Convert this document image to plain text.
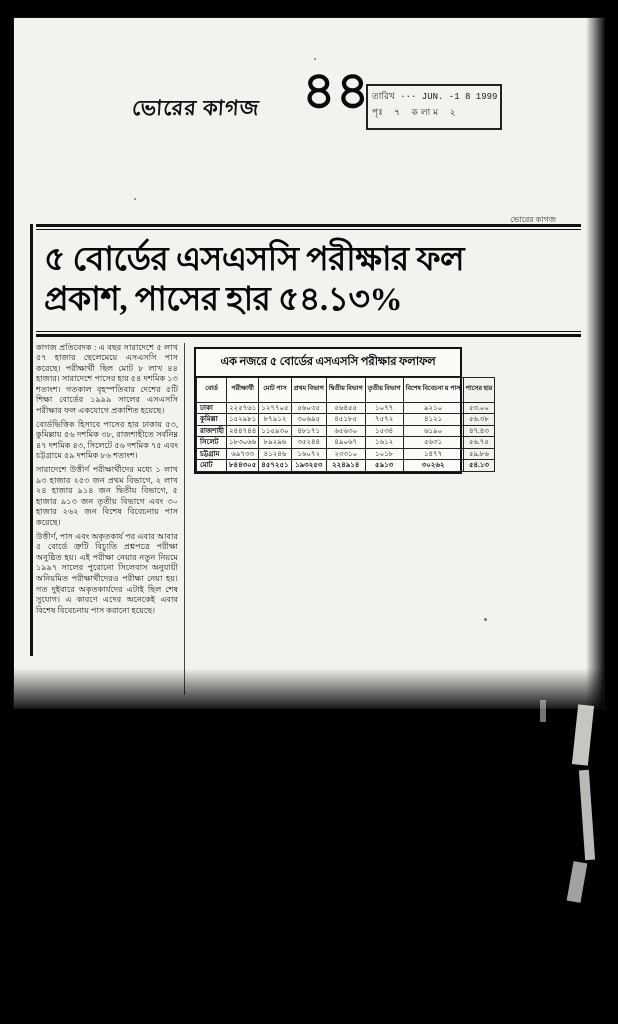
ভোরের কাগজ ৪৪ তারিখ ··· JUN. -1 8 1999
পৃঃ ৭ কলাম ২
ভোরের কাগজ
৫ বোর্ডের এসএসসি পরীক্ষার ফল
প্রকাশ, পাসের হার ৫৪.১৩%

কাগজ প্রতিবেদক : এ বছর সারাদেশে ৫ লাখ ৫৭ হাজার ছেলেমেয়ে এসএসসি পাস করেছে। পরীক্ষার্থী ছিল মোট ৮ লাখ ৪৪ হাজার। সারাদেশে পাসের হার ৫৪ দশমিক ১৩ শতাংশ। গতকাল বৃহস্পতিবার দেশের ৫টি শিক্ষা বোর্ডের ১৯৯৯ সালের এসএসসি পরীক্ষার ফল একযোগে প্রকাশিত হয়েছে।

বোর্ডভিত্তিক হিসাবে পাসের হার ঢাকায় ৫৩, কুমিল্লায় ৫৬ দশমিক ৩৮, রাজশাহীতে সর্বনিম্ন ৪৭ দশমিক ৪৩, সিলেটে ৫৬ দশমিক ৭৫ এবং চট্টগ্রামে ৫৯ দশমিক ৮৬ শতাংশ।

সারাদেশে উত্তীর্ণ পরীক্ষার্থীদের মধ্যে ১ লাখ ৯৩ হাজার ২৫৩ জন প্রথম বিভাগে, ২ লাখ ২৪ হাজার ৯১৪ জন দ্বিতীয় বিভাগে, ৫ হাজার ৯১৩ জন তৃতীয় বিভাগে এবং ৩০ হাজার ২৬২ জন বিশেষ বিবেচনায় পাস করেছে।

উত্তীর্ণ, পাস এবং অকৃতকার্য পর এবার আবার ৫ বোর্ডে ত্রুটি বিচ্যুতি প্রশ্নপত্রে পরীক্ষা অনুষ্ঠিত হয়। এই পরীক্ষা নেয়ার নতুন নিয়মে ১৯৯৭ সালের পুরোনো সিলেবাস অনুযায়ী অনিয়মিত পরীক্ষার্থীদেরও পরীক্ষা নেয়া হয়। গত দুইবারে অকৃতকার্যদের এটাই ছিল শেষ সুযোগ। এ কারণে এদের অনেকেই এবার বিশেষ বিবেচনায় পাস করানো হয়েছে।

এক নজরে ৫ বোর্ডের এসএসসি পরীক্ষার ফলাফল
বোর্ড	পরীক্ষার্থী	মোট পাস	প্রথম বিভাগ	দ্বিতীয় বিভাগ	তৃতীয় বিভাগ	বিশেষ বিবেচনা য় পাস	পাসের হার
ঢাকা	২২৫৭৬১	১২৭৭০৫	৫৬০৩৫	৫৬৪৫৫	১০৭৭	৯২১০	৫৩.০০
কুমিল্লা	১৫২৯৮১	৮৭৯১২	৩০৬৯৫	৪৫১৮৫	৭৫৭২	৪১২১	৫৬.৩৮
রাজশাহী	২৪৪৭৪৪	১১৫৯৩০	৪৮১৭১	৬৫৬৩০	১৫৩৪	৬১৯০	৪৭.৪৩
সিলেট	১৮৩০৬৬	৮৯২৯৬	৩৫২৪৪	৪৯০৬৭	১৬১২	৫৬৩১	৫৬.৭৫
চট্টগ্রাম	৬৯৭৩৩	৪১২৪৬	১৬০৭২	২৩৩১০	১০১৮	১৪৭৭	৫৯.৮৬
মোট	৮৪৪৩০৫	৪৫৭২৫১	১৯৩২৫৩	২২৪৯১৪	৫৯১৩	৩০২৬২	৫৪.১৩
